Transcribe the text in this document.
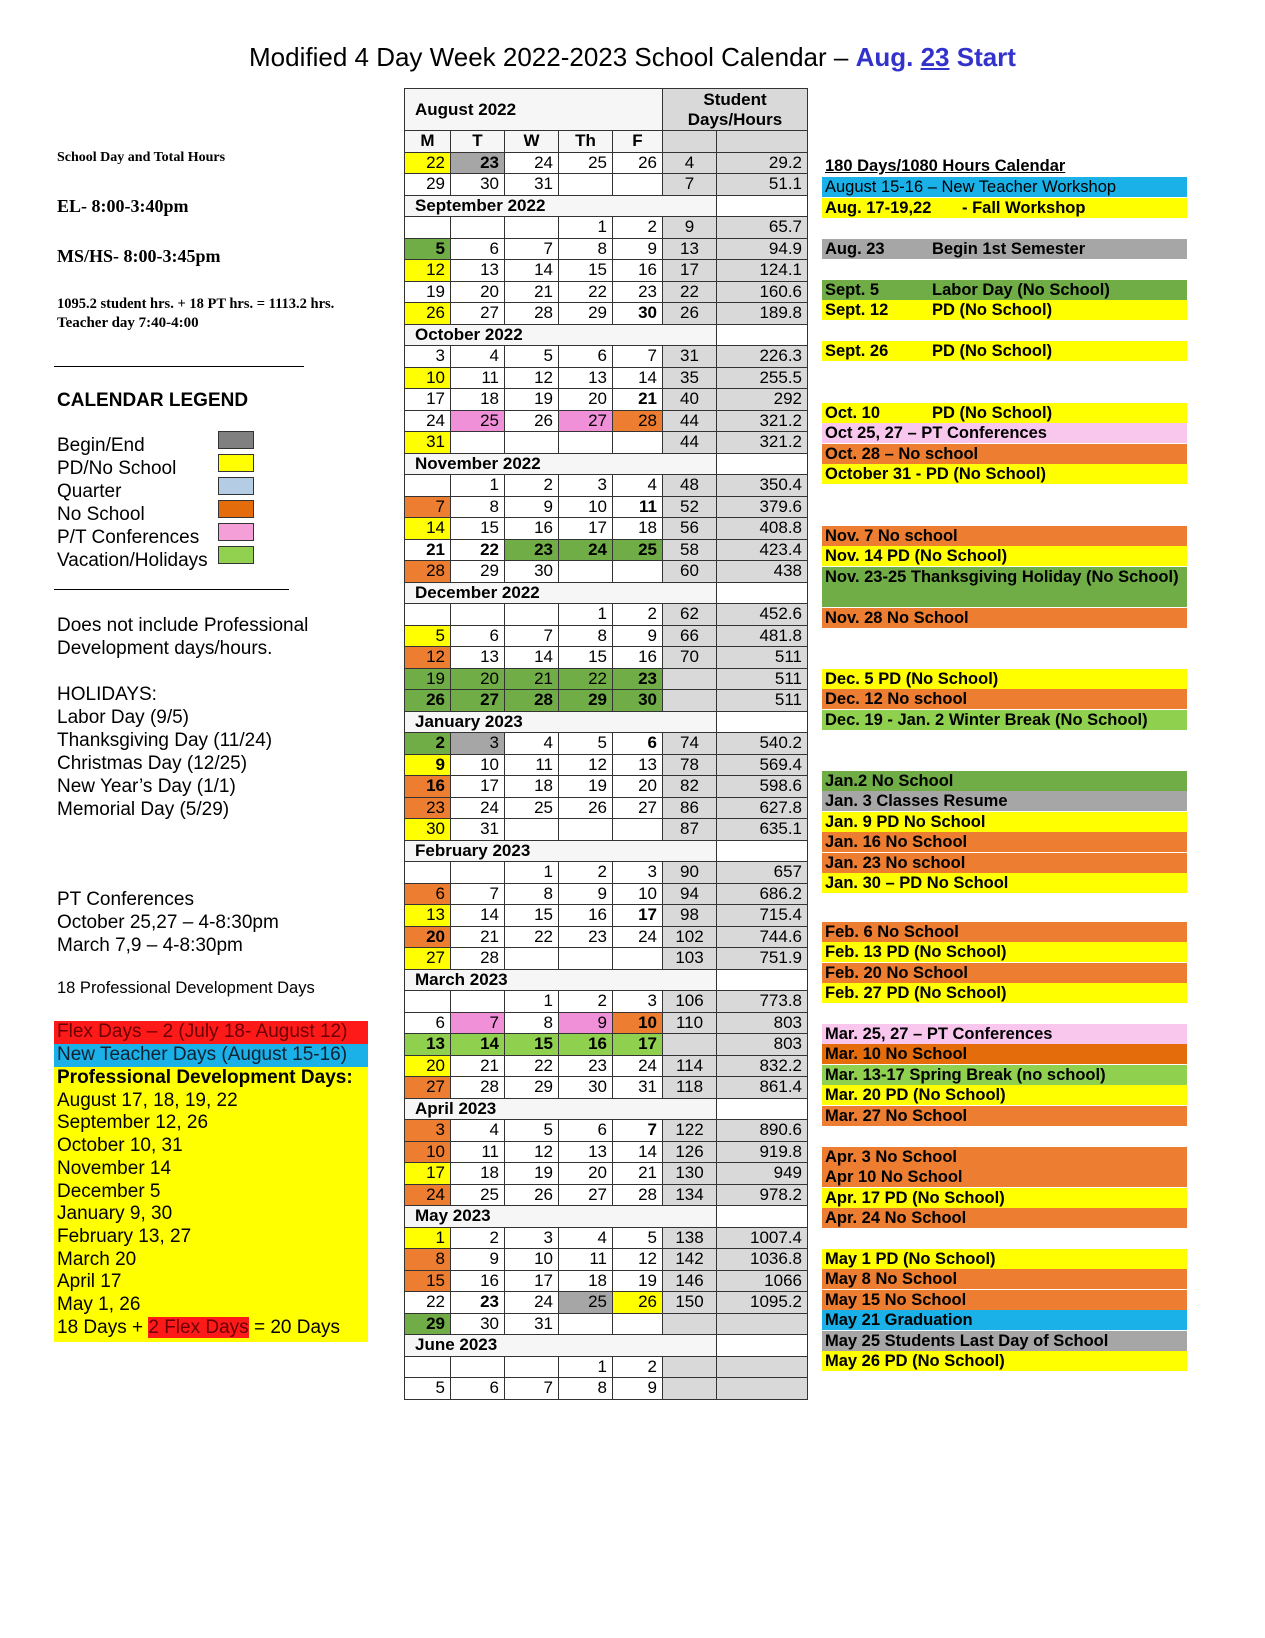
Modified 4 Day Week 2022-2023 School Calendar – Aug. 23 Start
School Day and Total Hours
EL- 8:00-3:40pm
MS/HS- 8:00-3:45pm
1095.2 student hrs. + 18 PT hrs. = 1113.2 hrs.
Teacher day 7:40-4:00
CALENDAR LEGEND
Begin/End
PD/No School
Quarter
No School
P/T Conferences
Vacation/Holidays
Does not include Professional
Development days/hours.
HOLIDAYS:
Labor Day (9/5)
Thanksgiving Day (11/24)
Christmas Day (12/25)
New Year’s Day (1/1)
Memorial Day (5/29)
PT Conferences
October 25,27 – 4-8:30pm
March 7,9 – 4-8:30pm
18 Professional Development Days
Flex Days – 2 (July 18- August 12)
New Teacher Days (August 15-16)
Professional Development Days:
August 17, 18, 19, 22
September 12, 26
October 10, 31
November 14
December 5
January 9, 30
February 13, 27
March 20
April 17
May 1, 26
18 Days + 2 Flex Days = 20 Days
August 2022					Student
Days/Hours	

M	T	W	Th	F		
22	23	24	25	26	4	29.2
29	30	31			7	51.1
September 2022						
			1	2	9	65.7
5	6	7	8	9	13	94.9
12	13	14	15	16	17	124.1
19	20	21	22	23	22	160.6
26	27	28	29	30	26	189.8
October 2022						
3	4	5	6	7	31	226.3
10	11	12	13	14	35	255.5
17	18	19	20	21	40	292
24	25	26	27	28	44	321.2
31					44	321.2
November 2022						
	1	2	3	4	48	350.4
7	8	9	10	11	52	379.6
14	15	16	17	18	56	408.8
21	22	23	24	25	58	423.4
28	29	30			60	438
December 2022						
			1	2	62	452.6
5	6	7	8	9	66	481.8
12	13	14	15	16	70	511
19	20	21	22	23		511
26	27	28	29	30		511
January 2023						
2	3	4	5	6	74	540.2
9	10	11	12	13	78	569.4
16	17	18	19	20	82	598.6
23	24	25	26	27	86	627.8
30	31				87	635.1
February 2023						
		1	2	3	90	657
6	7	8	9	10	94	686.2
13	14	15	16	17	98	715.4
20	21	22	23	24	102	744.6
27	28				103	751.9
March 2023						
		1	2	3	106	773.8
6	7	8	9	10	110	803
13	14	15	16	17		803
20	21	22	23	24	114	832.2
27	28	29	30	31	118	861.4
April 2023						
3	4	5	6	7	122	890.6
10	11	12	13	14	126	919.8
17	18	19	20	21	130	949
24	25	26	27	28	134	978.2
May 2023						
1	2	3	4	5	138	1007.4
8	9	10	11	12	142	1036.8
15	16	17	18	19	146	1066
22	23	24	25	26	150	1095.2
29	30	31				
June 2023						
			1	2		
5	6	7	8	9		
180 Days/1080 Hours Calendar
August 15-16 – New Teacher Workshop
Aug. 17-19,22 - Fall Workshop
Aug. 23	Begin 1st Semester
Sept. 5	Labor Day (No School)
Sept. 12	PD (No School)
Sept. 26	PD (No School)
Oct. 10	PD (No School)
Oct 25, 27 – PT Conferences
Oct. 28 – No school
October 31 - PD (No School)
Nov. 7 No school
Nov. 14 PD (No School)
Nov. 23-25 Thanksgiving Holiday (No School)
Nov. 28 No School
Dec. 5 PD (No School)
Dec. 12 No school
Dec. 19 - Jan. 2 Winter Break (No School)
Jan.2 No School
Jan. 3 Classes Resume
Jan. 9 PD No School
Jan. 16 No School
Jan. 23 No school
Jan. 30 – PD No School
Feb. 6 No School
Feb. 13 PD (No School)
Feb. 20 No School
Feb. 27 PD (No School)
Mar. 25, 27 – PT Conferences
Mar. 10 No School
Mar. 13-17 Spring Break (no school)
Mar. 20 PD (No School)
Mar. 27 No School
Apr. 3 No School
Apr 10 No School
Apr. 17 PD (No School)
Apr. 24 No School
May 1 PD (No School)
May 8 No School
May 15 No School
May 21 Graduation
May 25 Students Last Day of School
May 26 PD (No School)
